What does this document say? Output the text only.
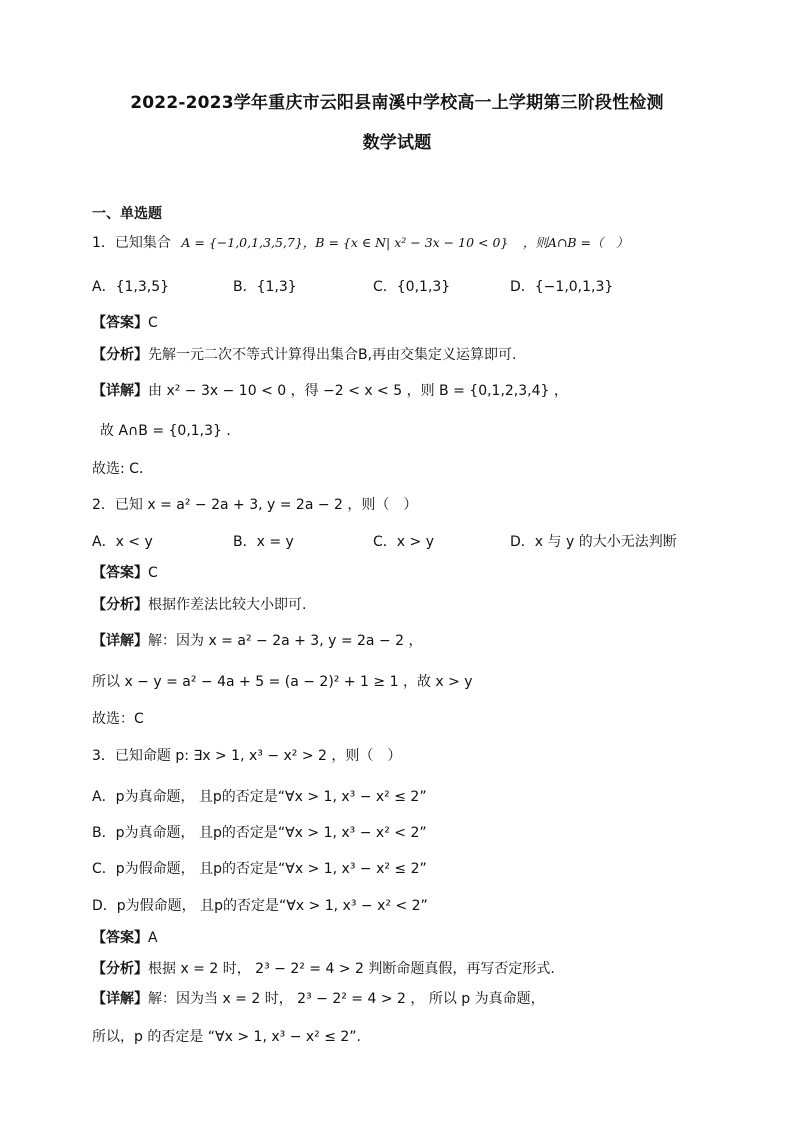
2022-2023学年重庆市云阳县南溪中学校高一上学期第三阶段性检测
数学试题
一、单选题
1．已知集合 A = {−1,0,1,3,5,7}，B = {x ∈ N| x² − 3x − 10 < 0} ，则A∩B =（　）
A．{1,3,5}	B．{1,3}	C．{0,1,3}	D．{−1,0,1,3}
【答案】C
【分析】先解一元二次不等式计算得出集合B,再由交集定义运算即可.
【详解】由 x² − 3x − 10 < 0 ，得 −2 < x < 5 ，则 B = {0,1,2,3,4} ，
故 A∩B = {0,1,3} ．
故选: C．
2．已知 x = a² − 2a + 3, y = 2a − 2 ，则（　）
A．x < y	B．x = y	C．x > y	D．x 与 y 的大小无法判断
【答案】C
【分析】根据作差法比较大小即可.
【详解】解：因为 x = a² − 2a + 3, y = 2a − 2 ，
所以 x − y = a² − 4a + 5 = (a − 2)² + 1 ≥ 1 ，故 x > y
故选：C
3．已知命题 p: ∃x > 1, x³ − x² > 2 ，则（　）
A．p为真命题， 且p的否定是“∀x > 1, x³ − x² ≤ 2”
B．p为真命题， 且p的否定是“∀x > 1, x³ − x² < 2”
C．p为假命题， 且p的否定是“∀x > 1, x³ − x² ≤ 2”
D．p为假命题， 且p的否定是“∀x > 1, x³ − x² < 2”
【答案】A
【分析】根据 x = 2 时， 2³ − 2² = 4 > 2 判断命题真假，再写否定形式.
【详解】解：因为当 x = 2 时， 2³ − 2² = 4 > 2 ， 所以 p 为真命题，
所以，p 的否定是 “∀x > 1, x³ − x² ≤ 2”.
